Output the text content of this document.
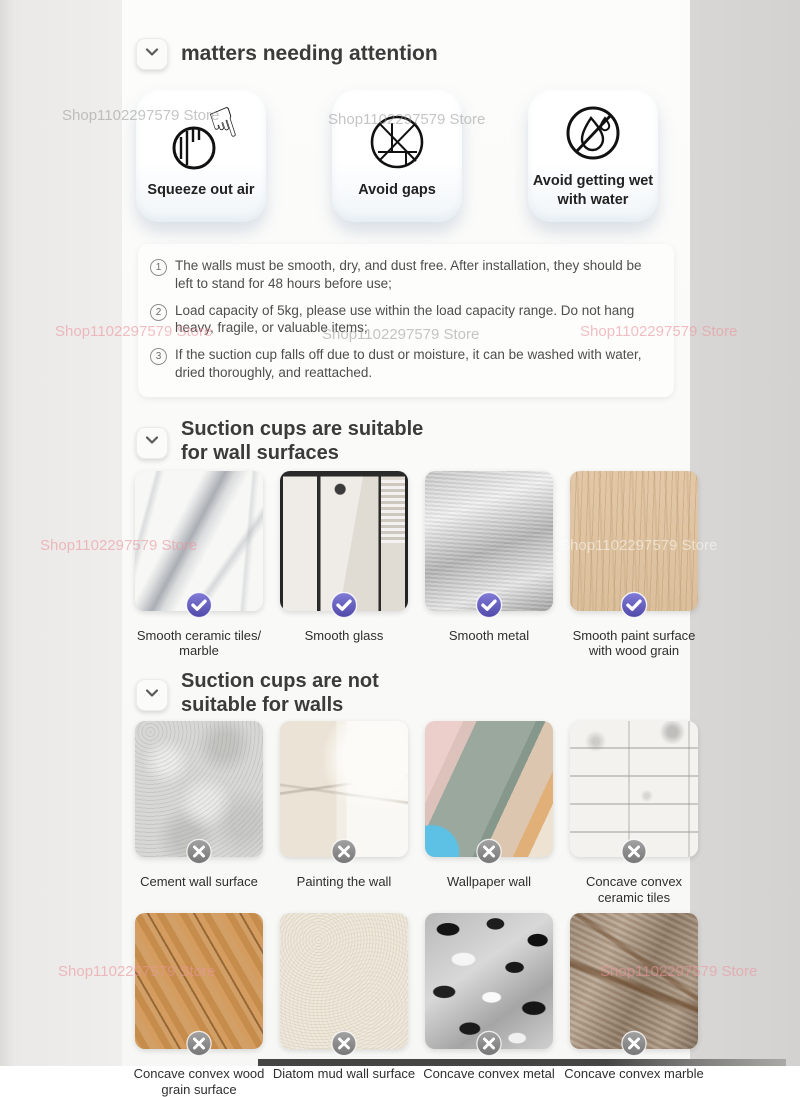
matters needing attention
☟
Squeeze out air	Avoid gaps
Avoid getting wet with water
1	The walls must be smooth, dry, and dust free. After installation, they should be left to stand for 48 hours before use;
2	Load capacity of 5kg, please use within the load capacity range. Do not hang heavy, fragile, or valuable items;
3	If the suction cup falls off due to dust or moisture, it can be washed with water, dried thoroughly, and reattached.
Suction cups are suitable
for wall surfaces
Smooth ceramic tiles/ marble
Smooth glass	Smooth metal	Smooth paint surface with wood grain
Suction cups are not
suitable for walls
Cement wall surface	Painting the wall	Wallpaper wall	Concave convex ceramic tiles
Concave convex wood grain surface
Diatom mud wall surface Concave convex metal Concave convex marble
Shop1102297579 Store	Shop1102297579 Store
Shop1102297579 Store	Shop1102297579 Store	Shop1102297579 Store
Shop1102297579 Store	Shop1102297579 Store
Shop1102297579 Store	Shop1102297579 Store
